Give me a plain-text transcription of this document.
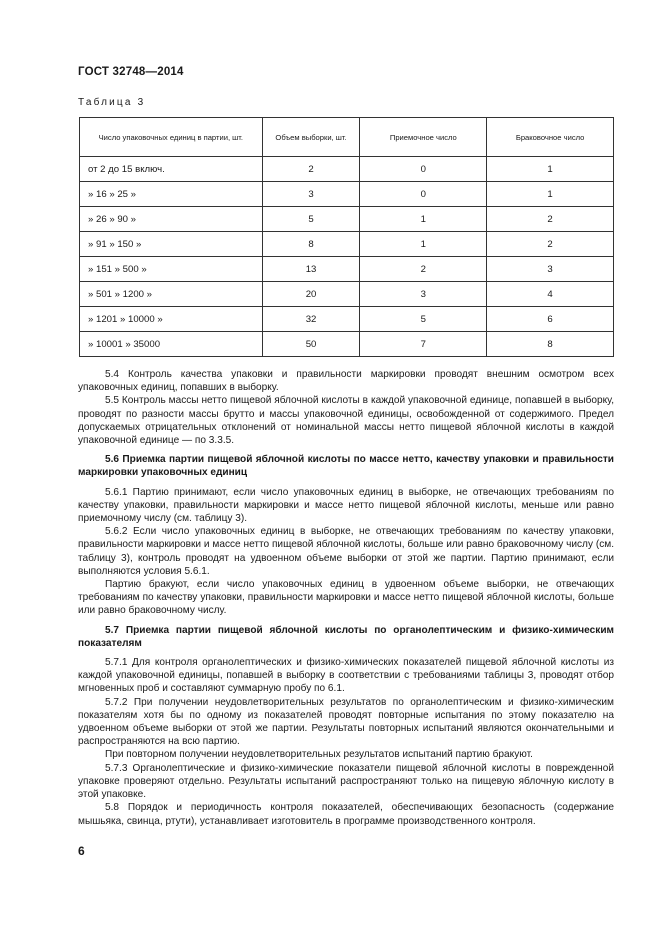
ГОСТ 32748—2014
Таблица 3
Число упаковочных единиц в партии, шт.	Объем выборки, шт.	Приемочное число	Браковочное число
от 2 до 15 включ.	2	0	1
» 16 » 25 »	3	0	1
» 26 » 90 »	5	1	2
» 91 » 150 »	8	1	2
» 151 » 500 »	13	2	3
» 501 » 1200 »	20	3	4
» 1201 » 10000 »	32	5	6
» 10001 » 35000	50	7	8

5.4 Контроль качества упаковки и правильности маркировки проводят внешним осмотром всех упаковочных единиц, попавших в выборку.

5.5 Контроль массы нетто пищевой яблочной кислоты в каждой упаковочной единице, попавшей в выборку, проводят по разности массы брутто и массы упаковочной единицы, освобожденной от содержимого. Предел допускаемых отрицательных отклонений от номинальной массы нетто пищевой яблочной кислоты в каждой упаковочной единице — по 3.3.5.

5.6 Приемка партии пищевой яблочной кислоты по массе нетто, качеству упаковки и правильности маркировки упаковочных единиц

5.6.1 Партию принимают, если число упаковочных единиц в выборке, не отвечающих требованиям по качеству упаковки, правильности маркировки и массе нетто пищевой яблочной кислоты, меньше или равно приемочному числу (см. таблицу 3).

5.6.2 Если число упаковочных единиц в выборке, не отвечающих требованиям по качеству упаковки, правильности маркировки и массе нетто пищевой яблочной кислоты, больше или равно браковочному числу (см. таблицу 3), контроль проводят на удвоенном объеме выборки от этой же партии. Партию принимают, если выполняются условия 5.6.1.

Партию бракуют, если число упаковочных единиц в удвоенном объеме выборки, не отвечающих требованиям по качеству упаковки, правильности маркировки и массе нетто пищевой яблочной кислоты, больше или равно браковочному числу.

5.7 Приемка партии пищевой яблочной кислоты по органолептическим и физико-химическим показателям

5.7.1 Для контроля органолептических и физико-химических показателей пищевой яблочной кислоты из каждой упаковочной единицы, попавшей в выборку в соответствии с требованиями таблицы 3, проводят отбор мгновенных проб и составляют суммарную пробу по 6.1.

5.7.2 При получении неудовлетворительных результатов по органолептическим и физико-химическим показателям хотя бы по одному из показателей проводят повторные испытания по этому показателю на удвоенном объеме выборки от этой же партии. Результаты повторных испытаний являются окончательными и распространяются на всю партию.

При повторном получении неудовлетворительных результатов испытаний партию бракуют.

5.7.3 Органолептические и физико-химические показатели пищевой яблочной кислоты в поврежденной упаковке проверяют отдельно. Результаты испытаний распространяют только на пищевую яблочную кислоту в этой упаковке.

5.8 Порядок и периодичность контроля показателей, обеспечивающих безопасность (содержание мышьяка, свинца, ртути), устанавливает изготовитель в программе производственного контроля.

6
